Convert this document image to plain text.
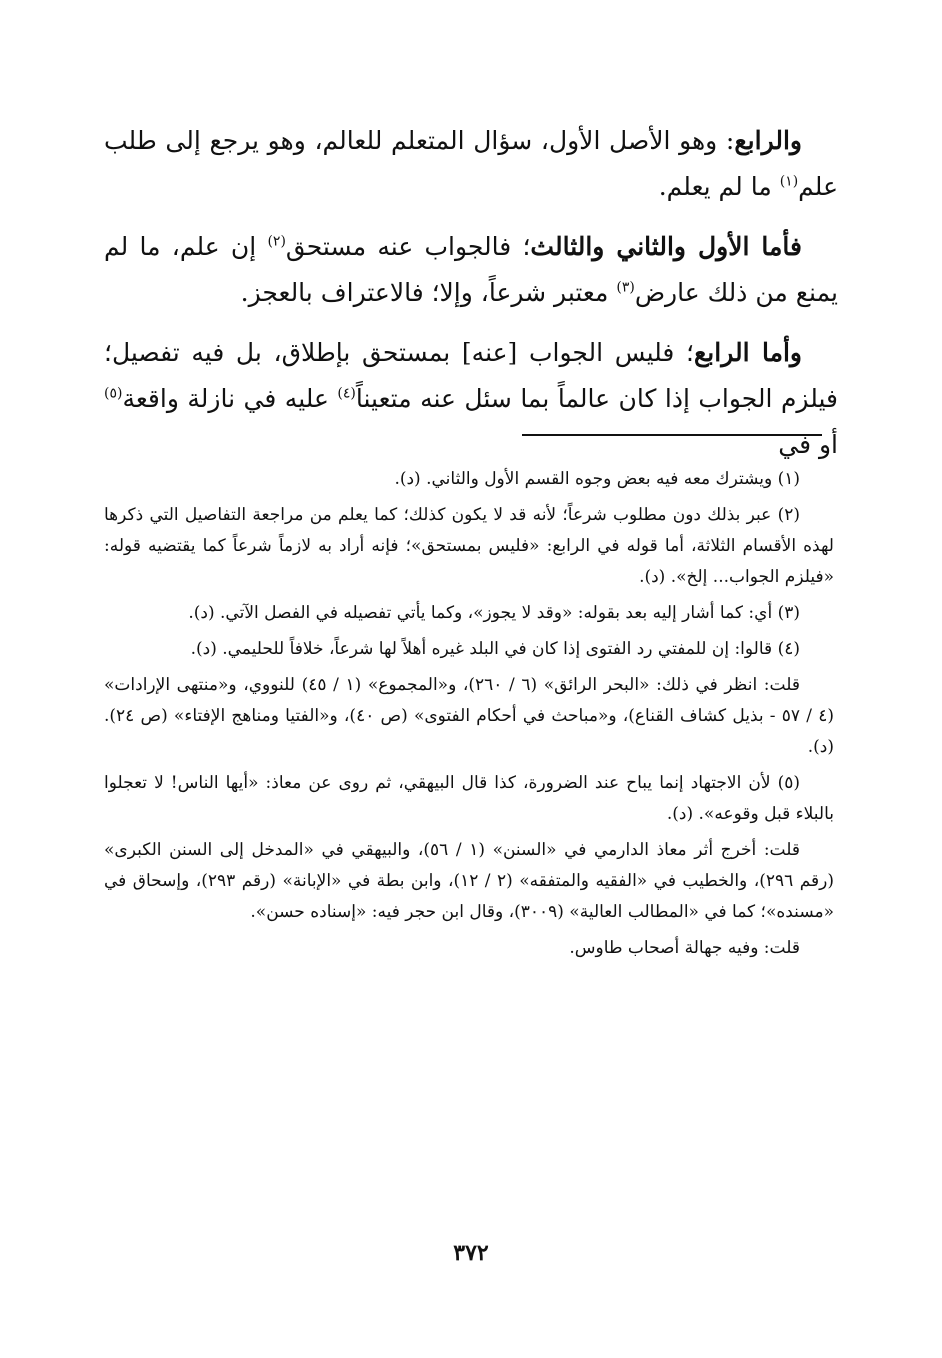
والرابع: وهو الأصل الأول، سؤال المتعلم للعالم، وهو يرجع إلى طلب علم$^{(١)}$ ما لم يعلم.

فأما الأول والثاني والثالث؛ فالجواب عنه مستحق$^{(٢)}$ إن علم، ما لم يمنع من ذلك عارض$^{(٣)}$ معتبر شرعاً، وإلا؛ فالاعتراف بالعجز.

وأما الرابع؛ فليس الجواب [عنه] بمستحق بإطلاق، بل فيه تفصيل؛ فيلزم الجواب إذا كان عالماً بما سئل عنه متعيناً$^{(٤)}$ عليه في نازلة واقعة$^{(٥)}$ أو في

(١) ويشترك معه فيه بعض وجوه القسم الأول والثاني. (د).

(٢) عبر بذلك دون مطلوب شرعاً؛ لأنه قد لا يكون كذلك؛ كما يعلم من مراجعة التفاصيل التي ذكرها لهذه الأقسام الثلاثة، أما قوله في الرابع: «فليس بمستحق»؛ فإنه أراد به لازماً شرعاً كما يقتضيه قوله: «فيلزم الجواب... إلخ». (د).

(٣) أي: كما أشار إليه بعد بقوله: «وقد لا يجوز»، وكما يأتي تفصيله في الفصل الآتي. (د).

(٤) قالوا: إن للمفتي رد الفتوى إذا كان في البلد غيره أهلاً لها شرعاً، خلافاً للحليمي. (د).

قلت: انظر في ذلك: «البحر الرائق» (٦ / ٢٦٠)، و«المجموع» (١ / ٤٥) للنووي، و«منتهى الإرادات» (٤ / ٥٧ - بذيل كشاف القناع)، و«مباحث في أحكام الفتوى» (ص ٤٠)، و«الفتيا ومناهج الإفتاء» (ص ٢٤). (د).

(٥) لأن الاجتهاد إنما يباح عند الضرورة، كذا قال البيهقي، ثم روى عن معاذ: «أيها الناس! لا تعجلوا بالبلاء قبل وقوعه». (د).

قلت: أخرج أثر معاذ الدارمي في «السنن» (١ / ٥٦)، والبيهقي في «المدخل إلى السنن الكبرى» (رقم ٢٩٦)، والخطيب في «الفقيه والمتفقه» (٢ / ١٢)، وابن بطة في «الإبانة» (رقم ٢٩٣)، وإسحاق في «مسنده»؛ كما في «المطالب العالية» (٣٠٠٩)، وقال ابن حجر فيه: «إسناده حسن».

قلت: وفيه جهالة أصحاب طاوس.

٣٧٢
